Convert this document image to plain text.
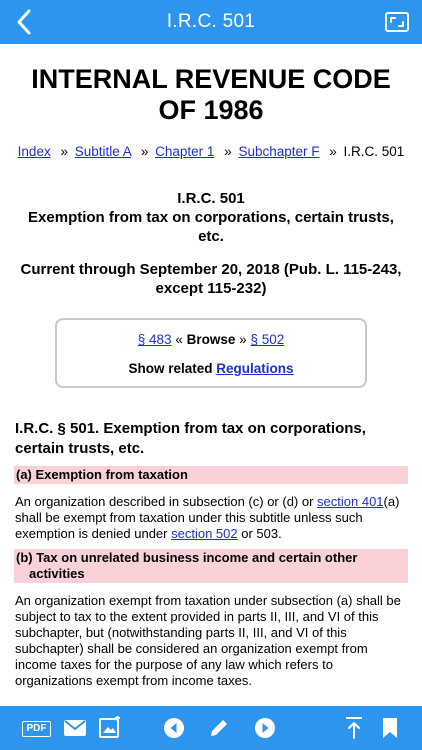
I.R.C. 501
INTERNAL REVENUE CODE OF 1986
Index » Subtitle A » Chapter 1 » Subchapter F » I.R.C. 501
I.R.C. 501
Exemption from tax on corporations, certain trusts, etc.
Current through September 20, 2018 (Pub. L. 115-243, except 115-232)
§ 483 « Browse » § 502
Show related Regulations
I.R.C. § 501. Exemption from tax on corporations, certain trusts, etc.
(a) Exemption from taxation
An organization described in subsection (c) or (d) or section 401(a) shall be exempt from taxation under this subtitle unless such exemption is denied under section 502 or 503.
(b) Tax on unrelated business income and certain other
activities
An organization exempt from taxation under subsection (a) shall be subject to tax to the extent provided in parts II, III, and VI of this subchapter, but (notwithstanding parts II, III, and VI of this subchapter) shall be considered an organization exempt from income taxes for the purpose of any law which refers to organizations exempt from income taxes.
PDF
